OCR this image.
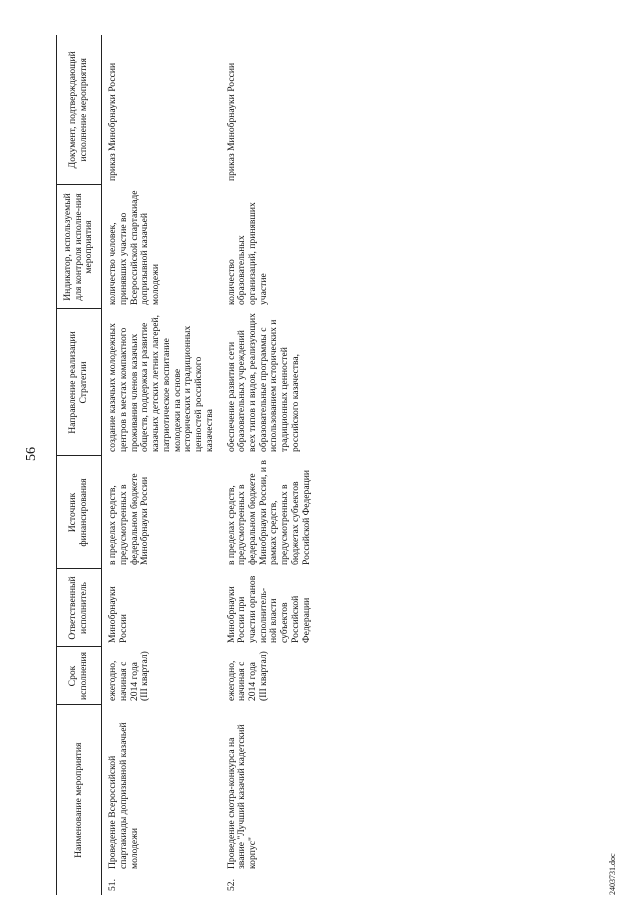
56
Наименование мероприятия		Срок исполнения	Ответственный исполнитель	Источник финансирования	Направление реализации Стратегии	Индикатор, используемый для контроля исполне-ния мероприятия	Документ, подтверждающий исполнение мероприятия
51.	Проведение Всероссийской спартакиады допризывной казачьей молодежи	ежегодно, начиная с 2014 года (III квартал)	Минобрнауки России	в пределах средств, предусмотренных в федеральном бюджете Минобрнауки России	создание казачьих молодежных центров в местах компактного проживания членов казачьих обществ, поддержка и развитие казачьих детских летних лагерей, патриотическое воспитание молодежи на основе исторических и традиционных ценностей российского казачества	количество человек, принявших участие во Всероссийской спартакиаде допризывной казачьей молодежи	приказ Минобрнауки России
52.	Проведение смотра-конкурса на звание "Лучший казачий кадетский корпус"	ежегодно, начиная с 2014 года (III квартал)	Минобрнауки России при участии органов исполнитель-ной власти субъектов Российской Федерации	в пределах средств, предусмотренных в федеральном бюджете Минобрнауки России, и в рамках средств, предусмотренных в бюджетах субъектов Российской Федерации	обеспечение развития сети образовательных учреждений всех типов и видов, реализующих образовательные программы с использованием исторических и традиционных ценностей российского казачества,	количество образовательных организаций, принявших участие	приказ Минобрнауки России
2403731.doc
